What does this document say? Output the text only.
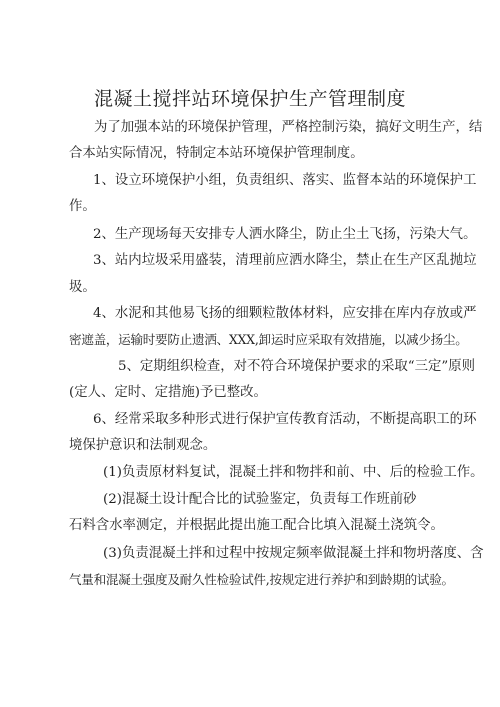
混凝土搅拌站环境保护生产管理制度
为了加强本站的环境保护管理，严格控制污染，搞好文明生产，结
合本站实际情况，特制定本站环境保护管理制度。
1、设立环境保护小组，负责组织、落实、监督本站的环境保护工
作。
2、生产现场每天安排专人洒水降尘，防止尘土飞扬，污染大气。
3、站内垃圾采用盛装，清理前应洒水降尘，禁止在生产区乱抛垃
圾。
4、水泥和其他易飞扬的细颗粒散体材料，应安排在库内存放或严
密遮盖，运输时要防止遗洒、XXX,卸运时应采取有效措施，以减少扬尘。
5、定期组织检查，对不符合环境保护要求的采取“三定”原则
(定人、定时、定措施)予已整改。
6、经常采取多种形式进行保护宣传教育活动，不断提高职工的环
境保护意识和法制观念。
(1)负责原材料复试，混凝土拌和物拌和前、中、后的检验工作。
(2)混凝土设计配合比的试验鉴定，负责每工作班前砂
石料含水率测定，并根据此提出施工配合比填入混凝土浇筑令。
(3)负责混凝土拌和过程中按规定频率做混凝土拌和物坍落度、含
气量和混凝土强度及耐久性检验试件,按规定进行养护和到龄期的试验。
